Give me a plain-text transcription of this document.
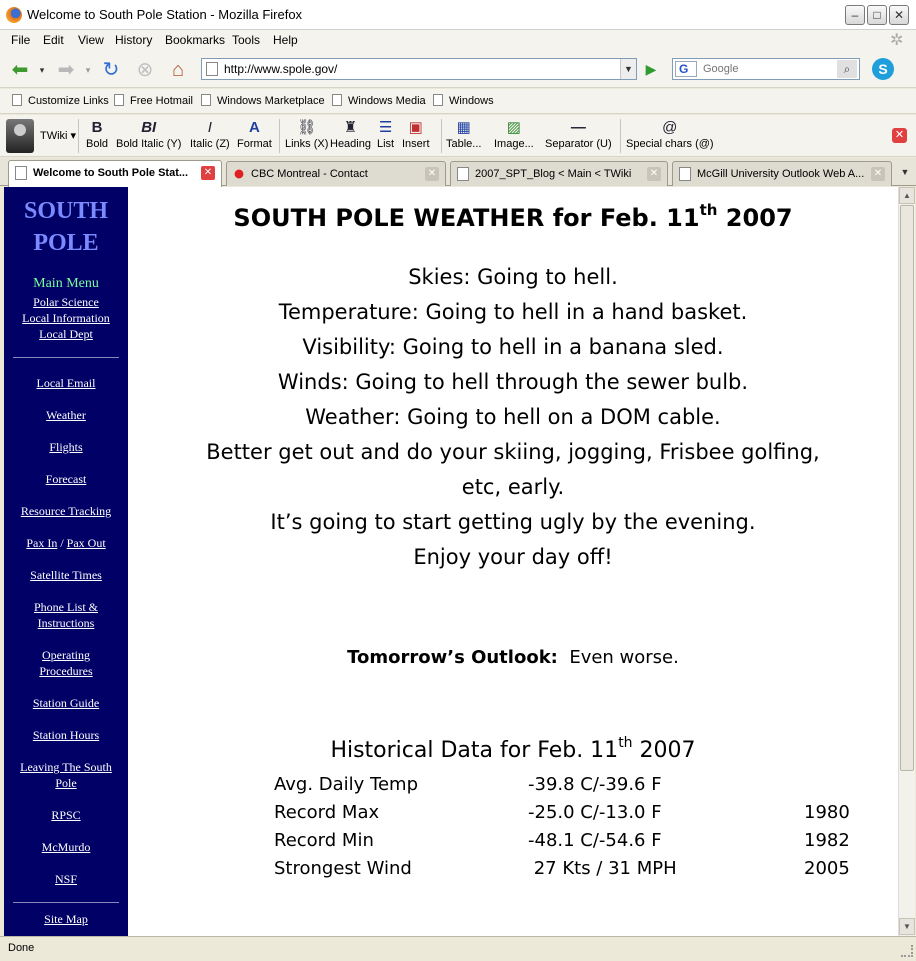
Welcome to South Pole Station - Mozilla Firefox	‒	□	✕
File Edit View History Bookmarks Tools Help	✲
⬅	▾ ➡	▾ ↻ ⊗ ⌂	http://www.spole.gov/	▼ ▶	G
Google	⌕	S
Customize Links	Free Hotmail	Windows Marketplace	Windows Media	Windows
TWiki ▾	B
Bold
BI
Bold Italic (Y)
I
Italic (Z)
A
Format
⛓
Links (X)
♜
Heading
☰
List
▣
Insert
▦
Table...
▨
Image...
—
Separator (U)
@
Special chars (@)
✕
Welcome to South Pole Stat... ✕	CBC Montreal - Contact	✕	2007_SPT_Blog < Main < TWiki ✕	McGill University Outlook Web A... ✕	▼
SOUTH
POLE
Main Menu
Polar Science
Local Information
Local Dept
Local Email
Weather
Flights
Forecast
Resource Tracking
Pax In / Pax Out
Satellite Times
Phone List &
Instructions
Operating
Procedures
Station Guide
Station Hours
Leaving The South
Pole
RPSC
McMurdo
NSF
Site Map
SOUTH POLE WEATHER for Feb. 11th 2007
Skies: Going to hell.
Temperature: Going to hell in a hand basket.
Visibility: Going to hell in a banana sled.
Winds: Going to hell through the sewer bulb.
Weather: Going to hell on a DOM cable.
Better get out and do your skiing, jogging, Frisbee golfing,
etc, early.
It’s going to start getting ugly by the evening.
Enjoy your day off!
Tomorrow’s Outlook:  Even worse.
Historical Data for Feb. 11th 2007
Avg. Daily Temp	-39.8 C/-39.6 F
Record Max	-25.0 C/-13.0 F	1980
Record Min	-48.1 C/-54.6 F	1982
Strongest Wind	27 Kts / 31 MPH	2005
▲
▼
Done
